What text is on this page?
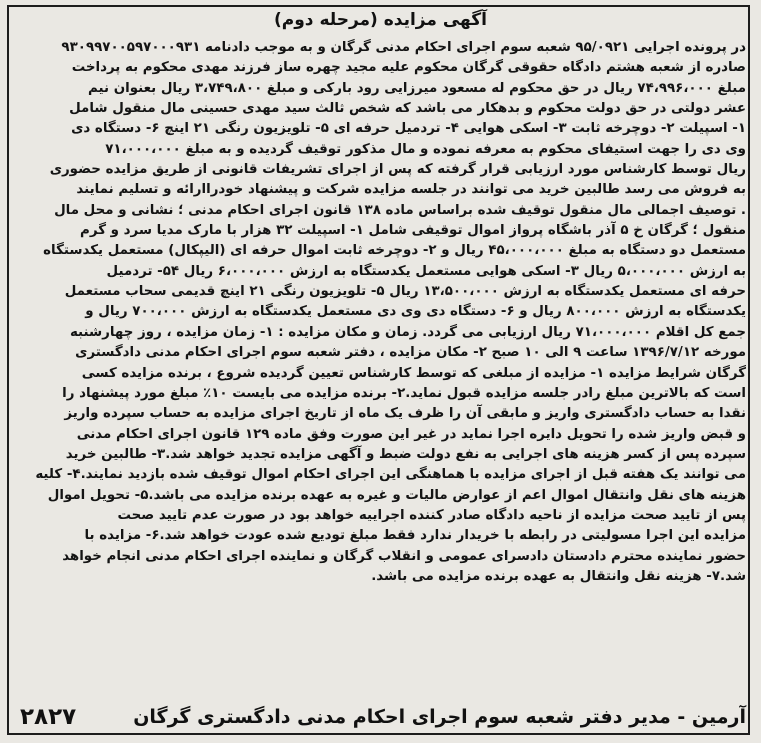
آگهی مزایده (مرحله دوم)
در پرونده اجرایی ۹۵/۰۹۲۱ شعبه سوم اجرای احکام مدنی گرگان و به موجب دادنامه ۹۳۰۹۹۷۰۰۵۹۷۰۰۰۹۳۱
صادره از شعبه هشتم دادگاه حقوقی گرگان محکوم علیه مجید چهره ساز فرزند مهدی محکوم به پرداخت
مبلغ ۷۴،۹۹۶،۰۰۰ ریال در حق محکوم له مسعود میرزایی رود بارکی و مبلغ ۳،۷۴۹،۸۰۰ ریال بعنوان نیم
عشر دولتی در حق دولت محکوم و بدهکار می باشد که شخص ثالث سید مهدی حسینی مال منقول شامل
۱- اسپیلت ۲- دوچرخه ثابت ۳- اسکی هوایی ۴- تردمیل حرفه ای ۵- تلویزیون رنگی ۲۱ اینچ ۶- دستگاه دی
وی دی را جهت استیفای محکوم به معرفه نموده و مال مذکور توقیف گردیده و به مبلغ ۷۱،۰۰۰،۰۰۰
ریال توسط کارشناس مورد ارزیابی قرار گرفته که پس از اجرای تشریفات قانونی از طریق مزایده حضوری
به فروش می رسد طالبین خرید می توانند در جلسه مزایده شرکت و پیشنهاد خودراارائه و تسلیم نمایند
. توصیف اجمالی مال منقول توقیف شده براساس ماده ۱۳۸ قانون اجرای احکام مدنی ؛ نشانی و محل مال
منقول ؛ گرگان خ ۵ آذر باشگاه پرواز اموال توقیفی شامل ۱- اسپیلت ۳۲ هزار با مارک مدیا سرد و گرم
مستعمل دو دستگاه به مبلغ ۴۵،۰۰۰،۰۰۰ ریال و ۲- دوچرخه ثابت اموال حرفه ای (الیپکال) مستعمل یکدستگاه
به ارزش ۵،۰۰۰،۰۰۰ ریال ۳- اسکی هوایی مستعمل یکدستگاه به ارزش ۶،۰۰۰،۰۰۰ ریال ۵۴- تردمیل
حرفه ای مستعمل یکدستگاه به ارزش ۱۳،۵۰۰،۰۰۰ ریال ۵- تلویزیون رنگی ۲۱ اینچ قدیمی سحاب مستعمل
یکدستگاه به ارزش ۸۰۰،۰۰۰ ریال و ۶- دستگاه دی وی دی مستعمل یکدستگاه به ارزش ۷۰۰،۰۰۰ ریال و
جمع کل اقلام ۷۱،۰۰۰،۰۰۰ ریال ارزیابی می گردد. زمان و مکان مزایده : ۱- زمان مزایده ، روز چهارشنبه
مورخه ۱۳۹۶/۷/۱۲ ساعت ۹ الی ۱۰ صبح ۲- مکان مزایده ، دفتر شعبه سوم اجرای احکام مدنی دادگستری
گرگان شرایط مزایده ۱- مزایده از مبلغی که توسط کارشناس تعیین گردیده شروع ، برنده مزایده کسی
است که بالاترین مبلغ رادر جلسه مزایده قبول نماید.۲- برنده مزایده می بایست ۱۰٪ مبلغ مورد پیشنهاد را
نقدا به حساب دادگستری واریز و مابقی آن را ظرف یک ماه از تاریخ اجرای مزایده به حساب سپرده واریز
و قبض واریز شده را تحویل دایره اجرا نماید در غیر این صورت وفق ماده ۱۲۹ قانون اجرای احکام مدنی
سپرده پس از کسر هزینه های اجرایی به نفع دولت ضبط و آگهی مزایده تجدید خواهد شد.۳- طالبین خرید
می توانند یک هفته قبل از اجرای مزایده با هماهنگی این اجرای احکام اموال توقیف شده بازدید نمایند.۴- کلیه
هزینه های نقل وانتقال اموال اعم از عوارض مالیات و غیره به عهده برنده مزایده می باشد.۵- تحویل اموال
پس از تایید صحت مزایده از ناحیه دادگاه صادر کننده اجراییه خواهد بود در صورت عدم تایید صحت
مزایده این اجرا مسولیتی در رابطه با خریدار ندارد فقط مبلغ تودیع شده عودت خواهد شد.۶- مزایده با
حضور نماینده محترم دادستان دادسرای عمومی و انقلاب گرگان و نماینده اجرای احکام مدنی انجام خواهد
شد.۷- هزینه نقل وانتقال به عهده برنده مزایده می باشد.
آرمین - مدیر دفتر شعبه سوم اجرای احکام مدنی دادگستری گرگان
۲۸۲۷
